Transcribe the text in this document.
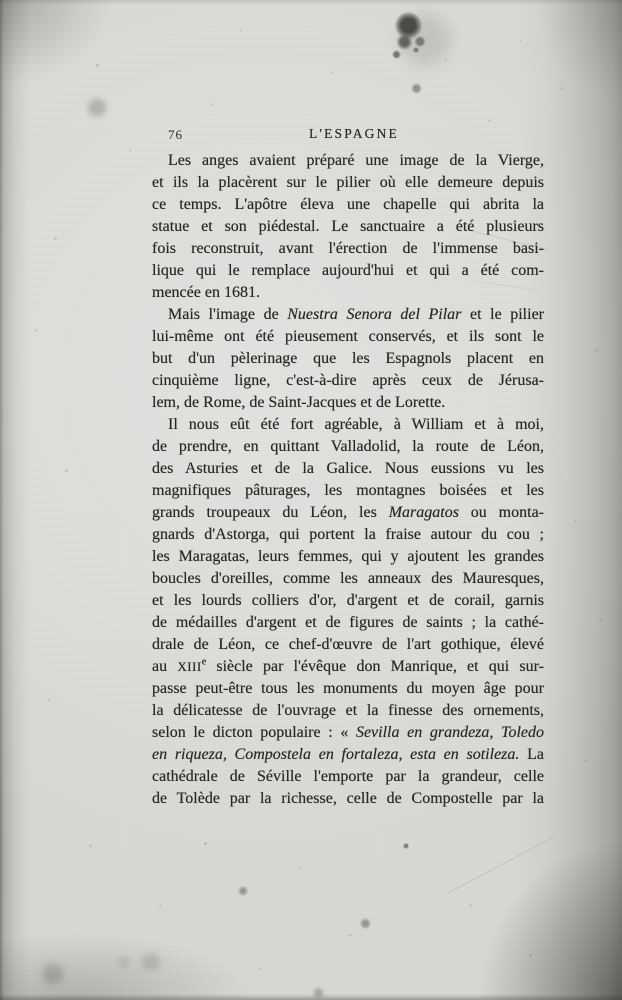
76	L'ESPAGNE
Les anges avaient préparé une image de la Vierge,
et ils la placèrent sur le pilier où elle demeure depuis
ce temps. L'apôtre éleva une chapelle qui abrita la
statue et son piédestal. Le sanctuaire a été plusieurs
fois reconstruit, avant l'érection de l'immense basi-
lique qui le remplace aujourd'hui et qui a été com-
mencée en 1681.
Mais l'image de Nuestra Senora del Pilar et le pilier
lui-même ont été pieusement conservés, et ils sont le
but d'un pèlerinage que les Espagnols placent en
cinquième ligne, c'est-à-dire après ceux de Jérusa-
lem, de Rome, de Saint-Jacques et de Lorette.
Il nous eût été fort agréable, à William et à moi,
de prendre, en quittant Valladolid, la route de Léon,
des Asturies et de la Galice. Nous eussions vu les
magnifiques pâturages, les montagnes boisées et les
grands troupeaux du Léon, les Maragatos ou monta-
gnards d'Astorga, qui portent la fraise autour du cou ;
les Maragatas, leurs femmes, qui y ajoutent les grandes
boucles d'oreilles, comme les anneaux des Mauresques,
et les lourds colliers d'or, d'argent et de corail, garnis
de médailles d'argent et de figures de saints ; la cathé-
drale de Léon, ce chef-d'œuvre de l'art gothique, élevé
au XIIIe siècle par l'évêque don Manrique, et qui sur-
passe peut-être tous les monuments du moyen âge pour
la délicatesse de l'ouvrage et la finesse des ornements,
selon le dicton populaire : « Sevilla en grandeza, Toledo
en riqueza, Compostela en fortaleza, esta en sotileza. La
cathédrale de Séville l'emporte par la grandeur, celle
de Tolède par la richesse, celle de Compostelle par la
